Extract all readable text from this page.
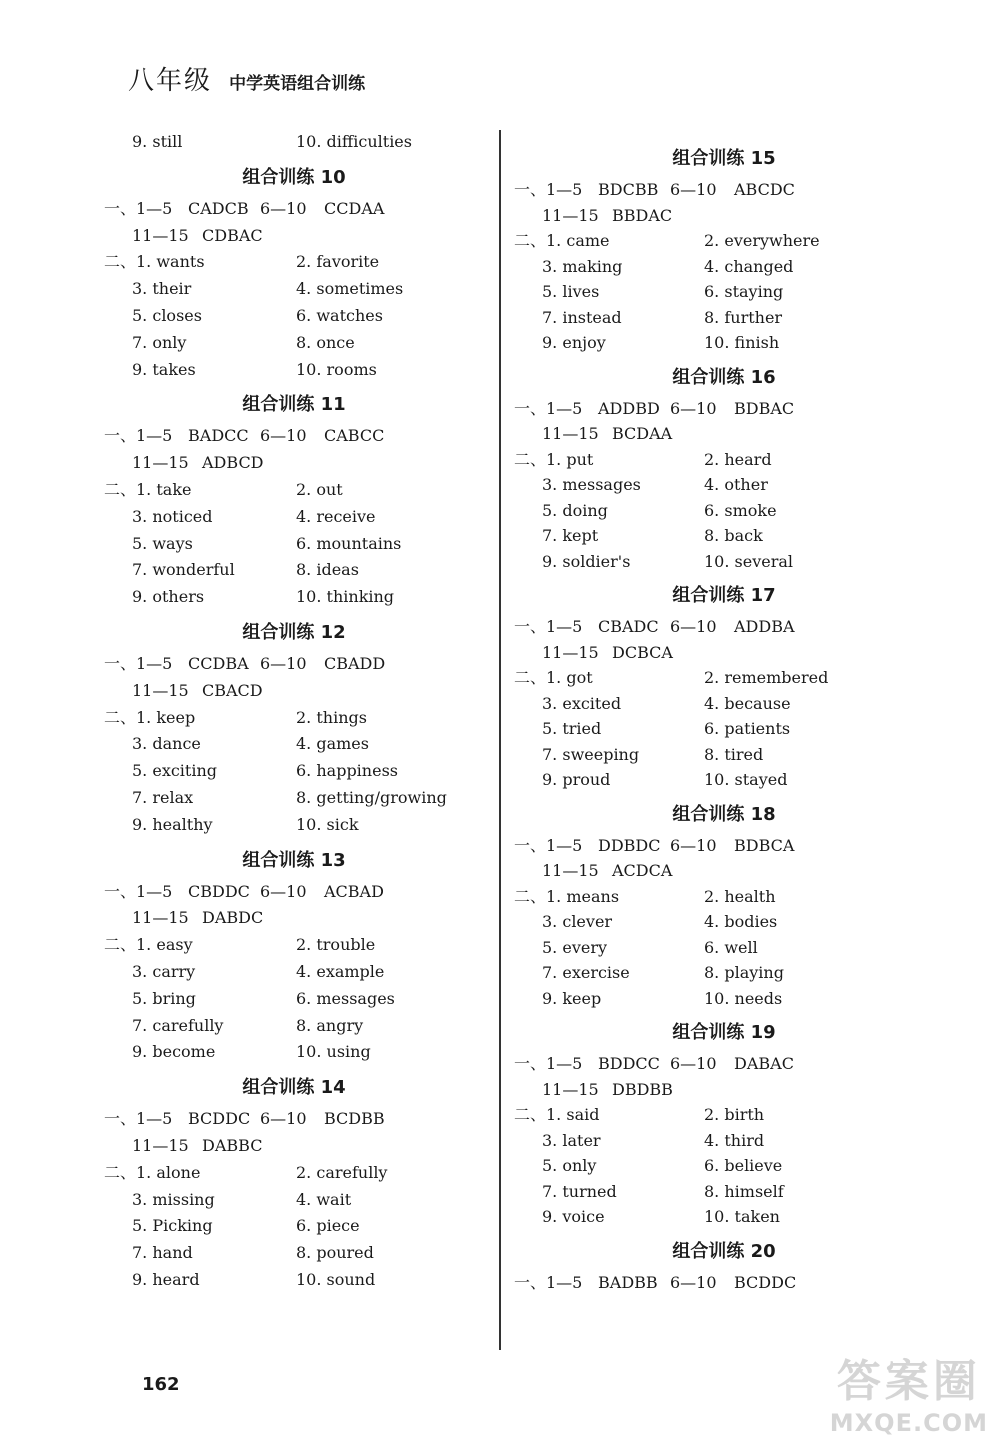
八年级 中学英语组合训练
9. still	10. difficulties
组合训练 10
一、1—5 CADCB 6—10 CCDAA
11—15 CDBAC
二、1. wants	2. favorite
3. their	4. sometimes
5. closes	6. watches
7. only	8. once
9. takes	10. rooms
组合训练 11
一、1—5 BADCC 6—10 CABCC
11—15 ADBCD
二、1. take	2. out
3. noticed	4. receive
5. ways	6. mountains
7. wonderful	8. ideas
9. others	10. thinking
组合训练 12
一、1—5 CCDBA 6—10 CBADD
11—15 CBACD
二、1. keep	2. things
3. dance	4. games
5. exciting	6. happiness
7. relax	8. getting/growing
9. healthy	10. sick
组合训练 13
一、1—5 CBDDC 6—10 ACBAD
11—15 DABDC
二、1. easy	2. trouble
3. carry	4. example
5. bring	6. messages
7. carefully	8. angry
9. become	10. using
组合训练 14
一、1—5 BCDDC 6—10 BCDBB
11—15 DABBC
二、1. alone	2. carefully
3. missing	4. wait
5. Picking	6. piece
7. hand	8. poured
9. heard	10. sound
组合训练 15
一、1—5 BDCBB 6—10 ABCDC
11—15 BBDAC
二、1. came	2. everywhere
3. making	4. changed
5. lives	6. staying
7. instead	8. further
9. enjoy	10. finish
组合训练 16
一、1—5 ADDBD 6—10 BDBAC
11—15 BCDAA
二、1. put	2. heard
3. messages	4. other
5. doing	6. smoke
7. kept	8. back
9. soldier's	10. several
组合训练 17
一、1—5 CBADC 6—10 ADDBA
11—15 DCBCA
二、1. got	2. remembered
3. excited	4. because
5. tried	6. patients
7. sweeping	8. tired
9. proud	10. stayed
组合训练 18
一、1—5 DDBDC 6—10 BDBCA
11—15 ACDCA
二、1. means	2. health
3. clever	4. bodies
5. every	6. well
7. exercise	8. playing
9. keep	10. needs
组合训练 19
一、1—5 BDDCC 6—10 DABAC
11—15 DBDBB
二、1. said	2. birth
3. later	4. third
5. only	6. believe
7. turned	8. himself
9. voice	10. taken
组合训练 20
一、1—5 BADBB 6—10 BCDDC
162	答案圈
MXQE.COM
